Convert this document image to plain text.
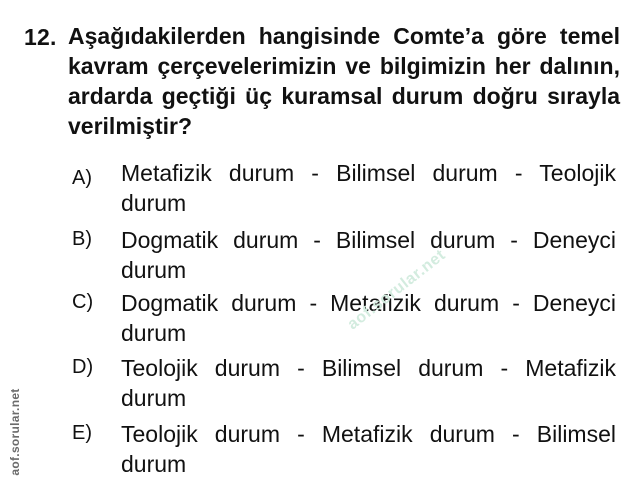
12. Aşağıdakilerden hangisinde Comte’a göre temel kavram çerçevelerimizin ve bilgimizin her dalının, ardarda geçtiği üç kuramsal durum doğru sırayla verilmiştir?
A) Metafizik durum - Bilimsel durum - Teolojik durum
B) Dogmatik durum - Bilimsel durum - Deneyci durum
C) Dogmatik durum - Metafizik durum - Deneyci durum
D) Teolojik durum - Bilimsel durum - Metafizik durum
E) Teolojik durum - Metafizik durum - Bilimsel durum
aof.sorular.net
aof.sorular.net
